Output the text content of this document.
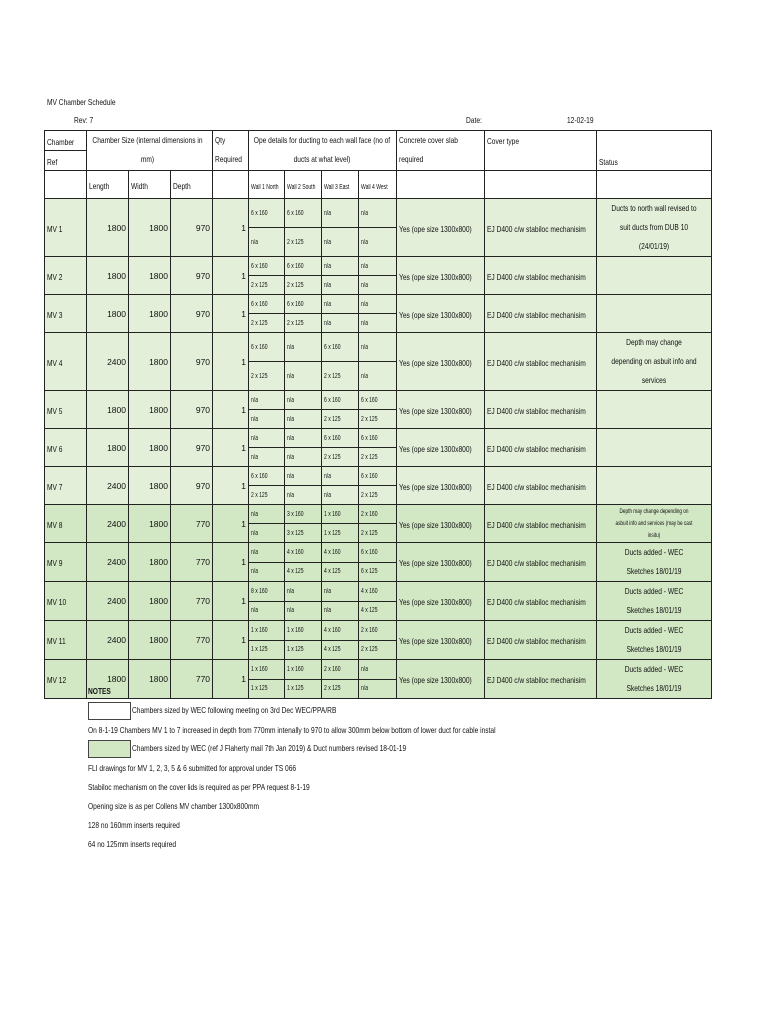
MV Chamber Schedule
Rev: 7	Date:	12-02-19
Chamber	Chamber Size (internal dimensions in mm)			Qty Required	Ope details for ducting to each wall face (no of ducts at what level)				Concrete cover slab required	Cover type	Status
Ref											
	Length	Width	Depth		Wall 1 North	Wall 2 South	Wall 3 East	Wall 4 West			
MV 1	1800	1800	970	1	6 x 160	6 x 160	n/a	n/a	Yes (ope size 1300x800)	EJ D400 c/w stabiloc mechanisim	Ducts to north wall revised to suit ducts from DUB 10 (24/01/19)
					n/a	2 x 125	n/a	n/a			
MV 2	1800	1800	970	1	6 x 160	6 x 160	n/a	n/a	Yes (ope size 1300x800)	EJ D400 c/w stabiloc mechanisim	
					2 x 125	2 x 125	n/a	n/a			
MV 3	1800	1800	970	1	6 x 160	6 x 160	n/a	n/a	Yes (ope size 1300x800)	EJ D400 c/w stabiloc mechanisim	
					2 x 125	2 x 125	n/a	n/a			
MV 4	2400	1800	970	1	6 x 160	n/a	6 x 160	n/a	Yes (ope size 1300x800)	EJ D400 c/w stabiloc mechanisim	Depth may change depending on asbuit info and services
					2 x 125	n/a	2 x 125	n/a			
MV 5	1800	1800	970	1	n/a	n/a	6 x 160	6 x 160	Yes (ope size 1300x800)	EJ D400 c/w stabiloc mechanisim	
					n/a	n/a	2 x 125	2 x 125			
MV 6	1800	1800	970	1	n/a	n/a	6 x 160	6 x 160	Yes (ope size 1300x800)	EJ D400 c/w stabiloc mechanisim	
					n/a	n/a	2 x 125	2 x 125			
MV 7	2400	1800	970	1	6 x 160	n/a	n/a	6 x 160	Yes (ope size 1300x800)	EJ D400 c/w stabiloc mechanisim	
					2 x 125	n/a	n/a	2 x 125			
MV 8	2400	1800	770	1	n/a	3 x 160	1 x 160	2 x 160	Yes (ope size 1300x800)	EJ D400 c/w stabiloc mechanisim	Depth may change depending on asbuit info and services (may be cast insitu)
					n/a	3 x 125	1 x 125	2 x 125			
MV 9	2400	1800	770	1	n/a	4 x 160	4 x 160	6 x 160	Yes (ope size 1300x800)	EJ D400 c/w stabiloc mechanisim	Ducts added - WEC Sketches 18/01/19
					n/a	4 x 125	4 x 125	6 x 125			
MV 10	2400	1800	770	1	8 x 160	n/a	n/a	4 x 160	Yes (ope size 1300x800)	EJ D400 c/w stabiloc mechanisim	Ducts added - WEC Sketches 18/01/19
					n/a	n/a	n/a	4 x 125			
MV 11	2400	1800	770	1	1 x 160	1 x 160	4 x 160	2 x 160	Yes (ope size 1300x800)	EJ D400 c/w stabiloc mechanisim	Ducts added - WEC Sketches 18/01/19
					1 x 125	1 x 125	4 x 125	2 x 125			
MV 12	1800	1800	770	1	1 x 160	1 x 160	2 x 160	n/a	Yes (ope size 1300x800)	EJ D400 c/w stabiloc mechanisim	Ducts added - WEC Sketches 18/01/19
					1 x 125	1 x 125	2 x 125	n/a			
NOTES
Chambers sized by WEC following meeting on 3rd Dec WEC/PPA/RB
On 8-1-19 Chambers MV 1 to 7 increased in depth from 770mm intenally to 970 to allow 300mm below bottom of lower duct for cable instal
Chambers sized by WEC (ref J Flaherty mail 7th Jan 2019) & Duct numbers revised 18-01-19
FLI drawings for MV 1, 2, 3, 5 & 6 submitted for approval under TS 066
Stabiloc mechanism on the cover lids is required as per PPA request 8-1-19
Opening size is as per Collens MV chamber 1300x800mm
128 no 160mm inserts required
64 no 125mm inserts required
